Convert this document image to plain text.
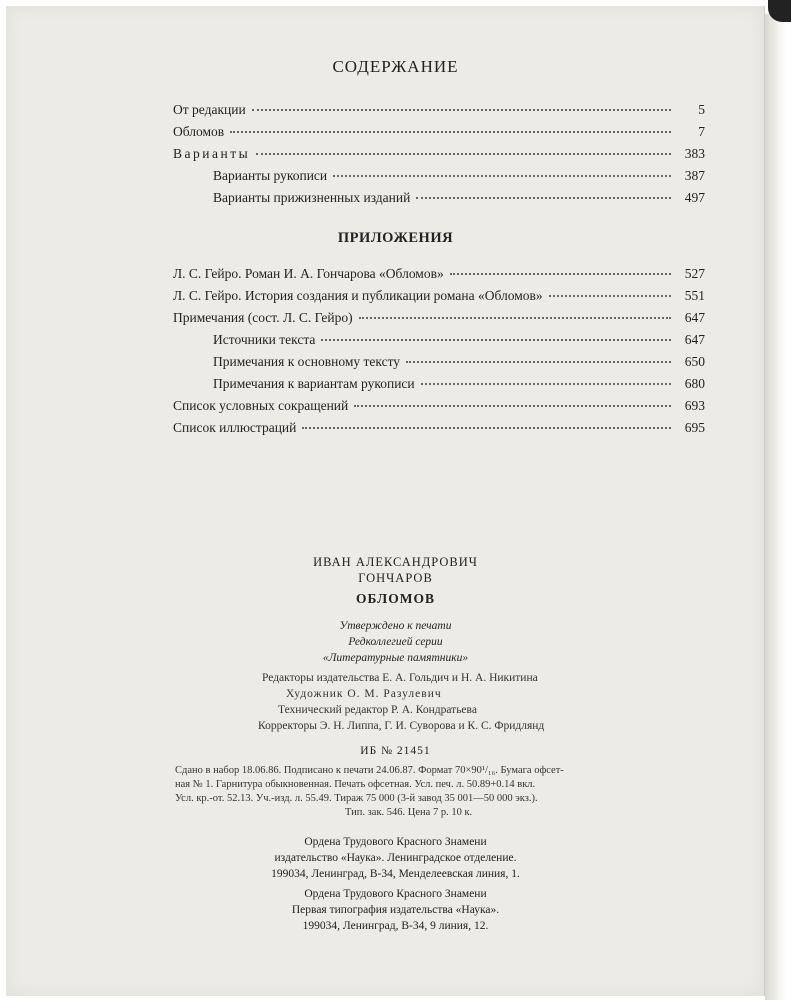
СОДЕРЖАНИЕ
От редакции	5
Обломов	7
Варианты	383
Варианты рукописи	387
Варианты прижизненных изданий	497
ПРИЛОЖЕНИЯ
Л. С. Гейро. Роман И. А. Гончарова «Обломов»	527
Л. С. Гейро. История создания и публикации романа «Обломов»	551
Примечания (сост. Л. С. Гейро)	647
Источники текста	647
Примечания к основному тексту	650
Примечания к вариантам рукописи	680
Список условных сокращений	693
Список иллюстраций	695
ИВАН АЛЕКСАНДРОВИЧ
ГОНЧАРОВ
ОБЛОМОВ
Утверждено к печати
Редколлегией серии
«Литературные памятники»
Редакторы издательства Е. А. Гольдич и Н. А. Никитина
Художник О. М. Разулевич
Технический редактор Р. А. Кондратьева
Корректоры Э. Н. Липпа, Г. И. Суворова и К. С. Фридлянд
ИБ № 21451
Сдано в набор 18.06.86. Подписано к печати 24.06.87. Формат 70×90¹/₁₆. Бумага офсет-
ная № 1. Гарнитура обыкновенная. Печать офсетная. Усл. печ. л. 50.89+0.14 вкл.
Усл. кр.-от. 52.13. Уч.-изд. л. 55.49. Тираж 75 000 (3-й завод 35 001—50 000 экз.).
Тип. зак. 546. Цена 7 р. 10 к.
Ордена Трудового Красного Знамени
издательство «Наука». Ленинградское отделение.
199034, Ленинград, В-34, Менделеевская линия, 1.
Ордена Трудового Красного Знамени
Первая типография издательства «Наука».
199034, Ленинград, В-34, 9 линия, 12.
